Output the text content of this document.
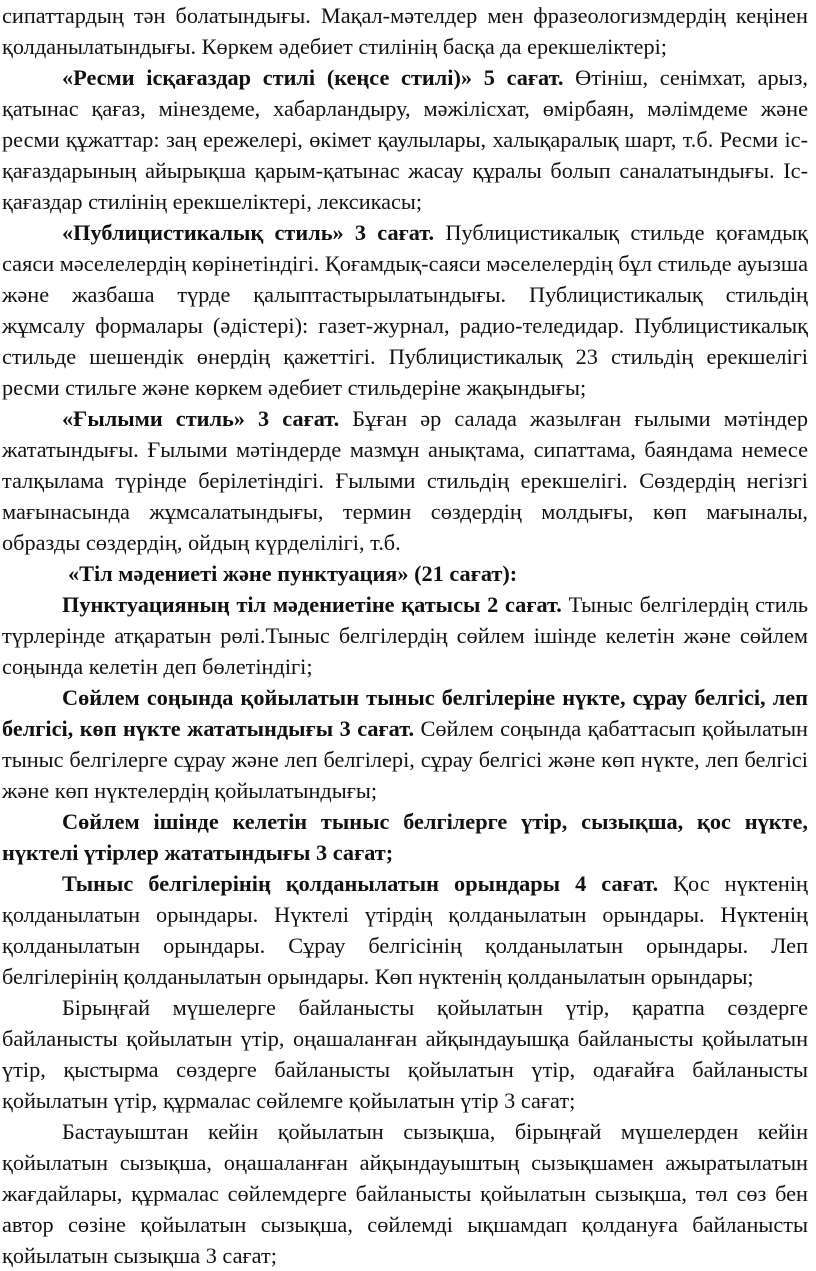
сипаттардың тән болатындығы. Мақал-мәтелдер мен фразеологизмдердің кеңінен қолданылатындығы. Көркем әдебиет стилінің басқа да ерекшеліктері;

«Ресми ісқағаздар стилі (кеңсе стилі)» 5 сағат. Өтініш, сенімхат, арыз, қатынас қағаз, мінездеме, хабарландыру, мәжілісхат, өмірбаян, мәлімдеме және ресми құжаттар: заң ережелері, өкімет қаулылары, халықаралық шарт, т.б. Ресми іс-қағаздарының айырықша қарым-қатынас жасау құралы болып саналатындығы. Ісқағаздар стилінің ерекшеліктері, лексикасы;

«Публицистикалық стиль» 3 сағат. Публицистикалық стильде қоғамдық саяси мәселелердің көрінетіндігі. Қоғамдық-саяси мәселелердің бұл стильде ауызша және жазбаша түрде қалыптастырылатындығы. Публицистикалық стильдің жұмсалу формалары (әдістері): газет-журнал, радио-теледидар. Публицистикалық стильде шешендік өнердің қажеттігі. Публицистикалық 23 стильдің ерекшелігі ресми стильге және көркем әдебиет стильдеріне жақындығы;

«Ғылыми стиль» 3 сағат. Бұған әр салада жазылған ғылыми мәтіндер жататындығы. Ғылыми мәтіндерде мазмұн анықтама, сипаттама, баяндама немесе талқылама түрінде берілетіндігі. Ғылыми стильдің ерекшелігі. Сөздердің негізгі мағынасында жұмсалатындығы, термин сөздердің молдығы, көп мағыналы, образды сөздердің, ойдың күрделілігі, т.б.

«Тіл мәдениеті және пунктуация» (21 сағат):

Пунктуацияның тіл мәдениетіне қатысы 2 сағат. Тыныс белгілердің стиль түрлерінде атқаратын рөлі.Тыныс белгілердің сөйлем ішінде келетін және сөйлем соңында келетін деп бөлетіндігі;

Сөйлем соңында қойылатын тыныс белгілеріне нүкте, сұрау белгісі, леп белгісі, көп нүкте жататындығы 3 сағат. Сөйлем соңында қабаттасып қойылатын тыныс белгілерге сұрау және леп белгілері, сұрау белгісі және көп нүкте, леп белгісі және көп нүктелердің қойылатындығы;

Сөйлем ішінде келетін тыныс белгілерге үтір, сызықша, қос нүкте, нүктелі үтірлер жататындығы 3 сағат;

Тыныс белгілерінің қолданылатын орындары 4 сағат. Қос нүктенің қолданылатын орындары. Нүктелі үтірдің қолданылатын орындары. Нүктенің қолданылатын орындары. Сұрау белгісінің қолданылатын орындары. Леп белгілерінің қолданылатын орындары. Көп нүктенің қолданылатын орындары;

Бірыңғай мүшелерге байланысты қойылатын үтір, қаратпа сөздерге байланысты қойылатын үтір, оңашаланған айқындауышқа байланысты қойылатын үтір, қыстырма сөздерге байланысты қойылатын үтір, одағайға байланысты қойылатын үтір, құрмалас сөйлемге қойылатын үтір 3 сағат;

Бастауыштан кейін қойылатын сызықша, бірыңғай мүшелерден кейін қойылатын сызықша, оңашаланған айқындауыштың сызықшамен ажыратылатын жағдайлары, құрмалас сөйлемдерге байланысты қойылатын сызықша, төл сөз бен автор сөзіне қойылатын сызықша, сөйлемді ықшамдап қолдануға байланысты қойылатын сызықша 3 сағат;
